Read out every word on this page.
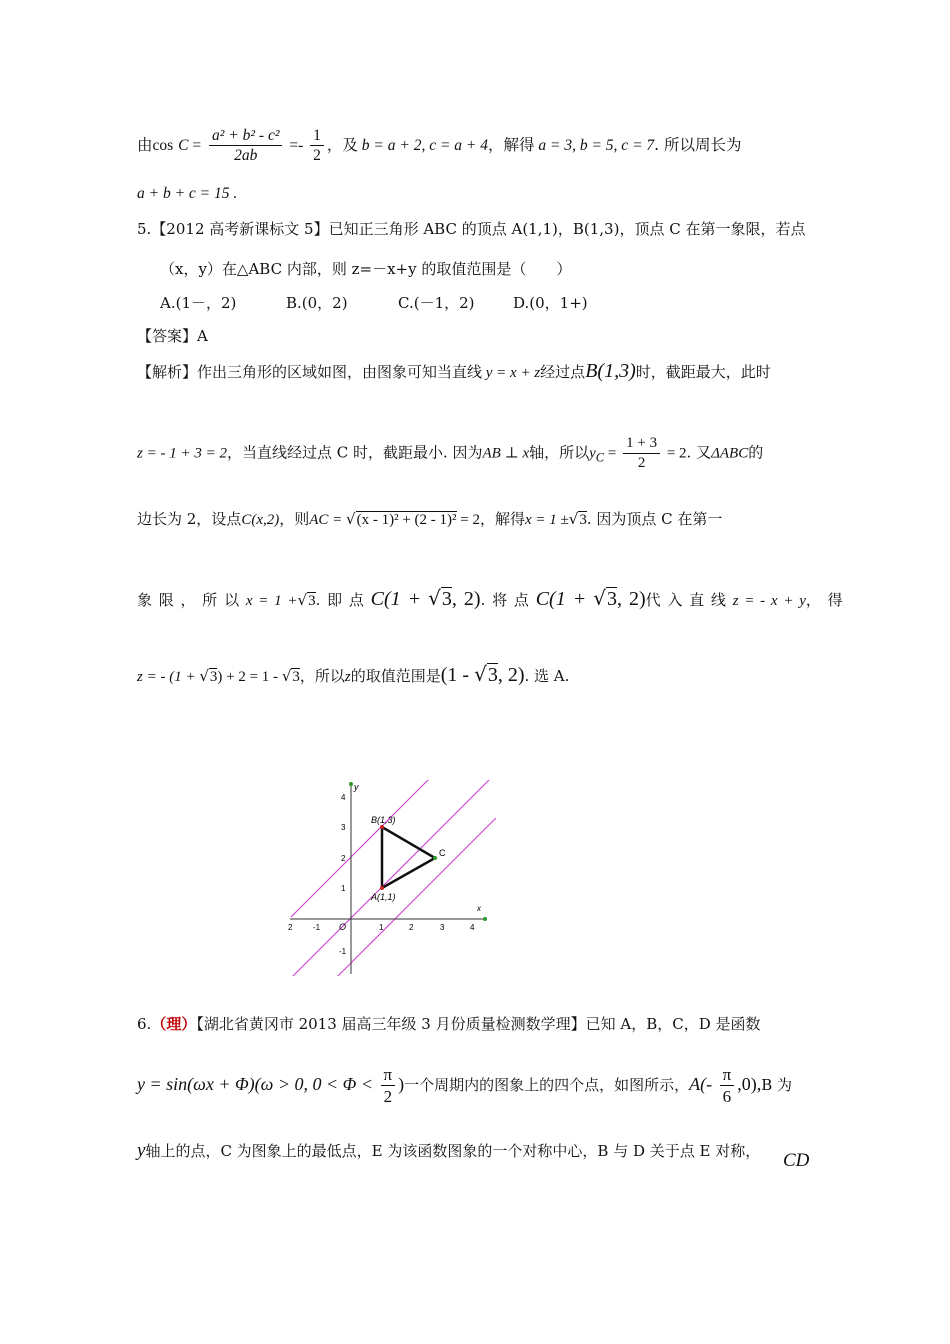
由$\cos C = \frac{\text{a² + b² - c²}}{2ab} =- \frac{1}{2}$ ，及 b = a + 2, c = a + 4，解得 a = 3, b = 5, c = 7. 所以周长为
a + b + c = 15 .
5.【2012 高考新课标文 5】已知正三角形 ABC 的顶点 A(1,1)，B(1,3)，顶点 C 在第一象限，若点
（x，y）在△ABC 内部，则 z=－x+y 的取值范围是（　　）
A.(1－，2)	B.(0，2)	C.(－1，2)	D.(0，1+)
【答案】A
【解析】作出三角形的区域如图，由图象可知当直线 y = x + z经过点B(1,3)时，截距最大，此时
z = - 1 + 3 = 2，当直线经过点 C 时，截距最小. 因为AB ⊥ x轴，所以$y_C = \frac{1 + 3}{2} = 2$. 又ΔABC的
边长为 2，设点C(x,2)，则AC = √(x - 1)² + (2 - 1)² = 2，解得x = 1 ±√3. 因为顶点 C 在第一
象 限 ， 所 以 x = 1 +√3. 即 点 C(1 + √3, 2). 将 点 C(1 + √3, 2)代 入 直 线 z = - x + y， 得
z = - (1 + √3) + 2 = 1 - √3，所以z的取值范围是(1 - √3, 2). 选 A.
B(1,3)
A(1,1)
C
y
x
O
2	-1	1	2	3	4
4
3
2
1
-1
6.（理）【湖北省黄冈市 2013 届高三年级 3 月份质量检测数学理】已知 A，B，C，D 是函数
y = sin(ωx + Φ)(ω > 0, $0 < \Phi < \frac{\pi}{2}$ )一个周期内的图象上的四个点，如图所示，$A(- \frac{\pi}{6} ,0),B$ 为
y轴上的点，C 为图象上的最低点，E 为该函数图象的一个对称中心，B 与 D 关于点 E 对称， CD
